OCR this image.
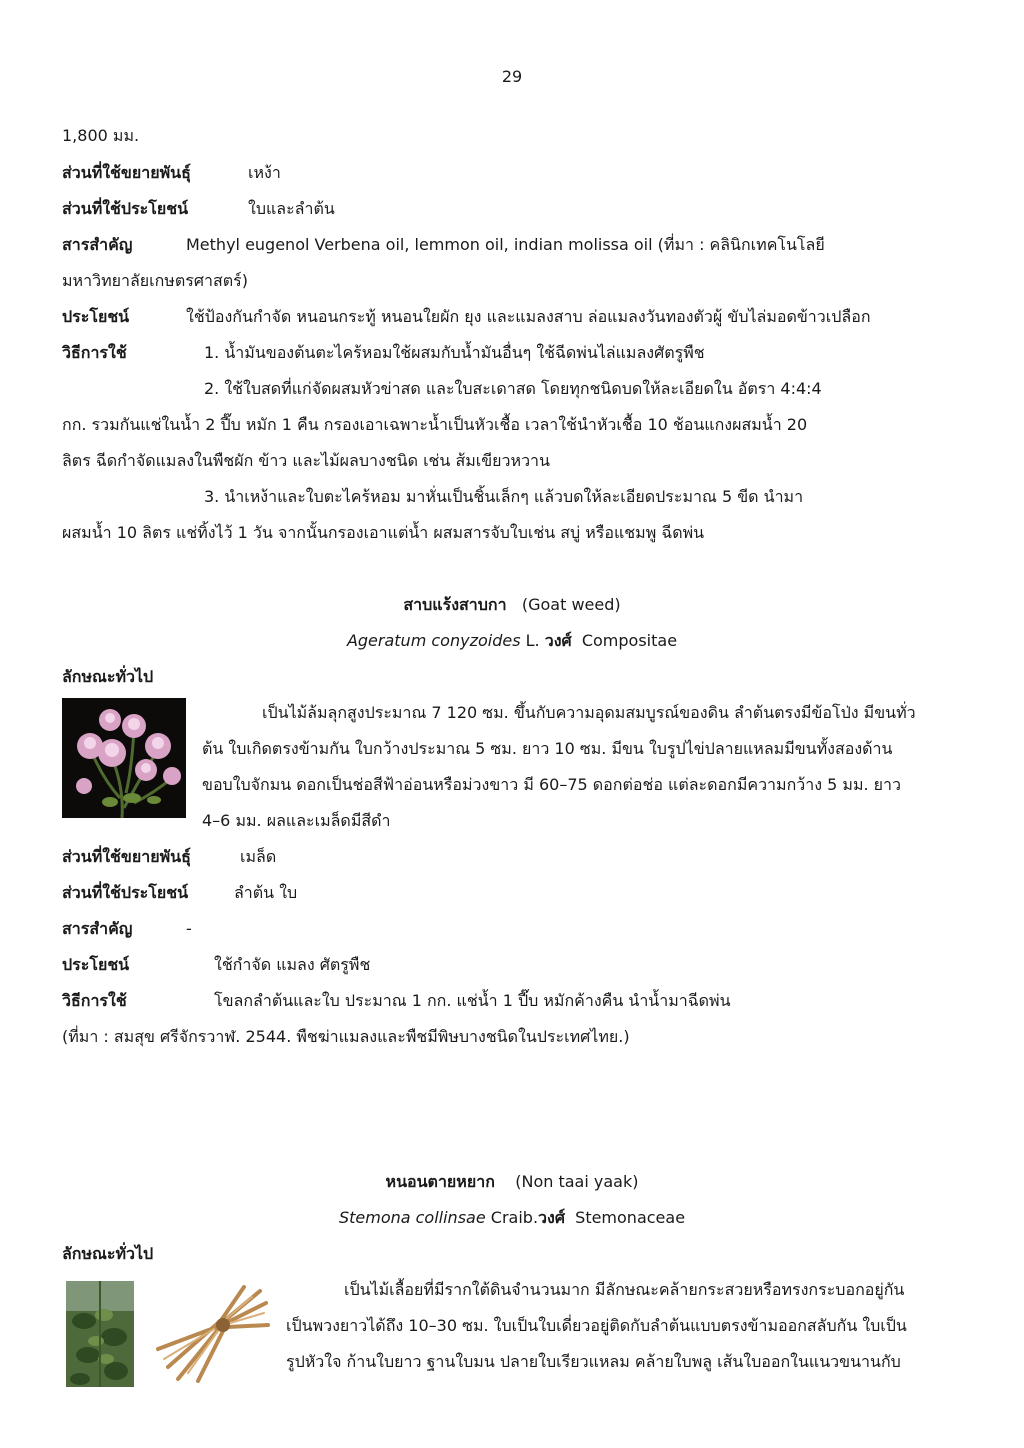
29
1,800 มม.
ส่วนที่ใช้ขยายพันธุ์	เหง้า
ส่วนที่ใช้ประโยชน์	ใบและลำต้น
สารสำคัญ	Methyl eugenol Verbena oil, lemmon oil, indian molissa oil (ที่มา : คลินิกเทคโนโลยี
มหาวิทยาลัยเกษตรศาสตร์)
ประโยชน์	ใช้ป้องกันกำจัด หนอนกระทู้ หนอนใยผัก ยุง และแมลงสาบ ล่อแมลงวันทองตัวผู้ ขับไล่มอดข้าวเปลือก
วิธีการใช้	1. น้ำมันของต้นตะไคร้หอมใช้ผสมกับน้ำมันอื่นๆ ใช้ฉีดพ่นไล่แมลงศัตรูพืช
2. ใช้ใบสดที่แก่จัดผสมหัวข่าสด และใบสะเดาสด โดยทุกชนิดบดให้ละเอียดใน อัตรา 4:4:4
กก. รวมกันแช่ในน้ำ 2 ปี๊บ หมัก 1 คืน กรองเอาเฉพาะน้ำเป็นหัวเชื้อ เวลาใช้นำหัวเชื้อ 10 ช้อนแกงผสมน้ำ 20
ลิตร ฉีดกำจัดแมลงในพืชผัก ข้าว และไม้ผลบางชนิด เช่น ส้มเขียวหวาน
3. นำเหง้าและใบตะไคร้หอม มาหั่นเป็นชิ้นเล็กๆ แล้วบดให้ละเอียดประมาณ 5 ขีด นำมา
ผสมน้ำ 10 ลิตร แช่ทิ้งไว้ 1 วัน จากนั้นกรองเอาแต่น้ำ ผสมสารจับใบเช่น สบู่ หรือแชมพู ฉีดพ่น
สาบแร้งสาบกา (Goat weed)
Ageratum conyzoides L. วงศ์ Compositae
ลักษณะทั่วไป
เป็นไม้ล้มลุกสูงประมาณ 7 120 ซม. ขึ้นกับความอุดมสมบูรณ์ของดิน ลำต้นตรงมีข้อโป่ง มีขนทั่ว
ต้น ใบเกิดตรงข้ามกัน ใบกว้างประมาณ 5 ซม. ยาว 10 ซม. มีขน ใบรูปไข่ปลายแหลมมีขนทั้งสองด้าน
ขอบใบจักมน ดอกเป็นช่อสีฟ้าอ่อนหรือม่วงขาว มี 60–75 ดอกต่อช่อ แต่ละดอกมีความกว้าง 5 มม. ยาว
4–6 มม. ผลและเมล็ดมีสีดำ
ส่วนที่ใช้ขยายพันธุ์	เมล็ด
ส่วนที่ใช้ประโยชน์	ลำต้น ใบ
สารสำคัญ	-
ประโยชน์	ใช้กำจัด แมลง ศัตรูพืช
วิธีการใช้	โขลกลำต้นและใบ ประมาณ 1 กก. แช่น้ำ 1 ปี๊บ หมักค้างคืน นำน้ำมาฉีดพ่น
(ที่มา : สมสุข ศรีจักรวาฬ. 2544. พืชฆ่าแมลงและพืชมีพิษบางชนิดในประเทศไทย.)
หนอนตายหยาก (Non taai yaak)
Stemona collinsae Craib.วงศ์ Stemonaceae
ลักษณะทั่วไป
เป็นไม้เลื้อยที่มีรากใต้ดินจำนวนมาก มีลักษณะคล้ายกระสวยหรือทรงกระบอกอยู่กัน
เป็นพวงยาวได้ถึง 10–30 ซม. ใบเป็นใบเดี่ยวอยู่ติดกับลำต้นแบบตรงข้ามออกสลับกัน ใบเป็น
รูปหัวใจ ก้านใบยาว ฐานใบมน ปลายใบเรียวแหลม คล้ายใบพลู เส้นใบออกในแนวขนานกับ
